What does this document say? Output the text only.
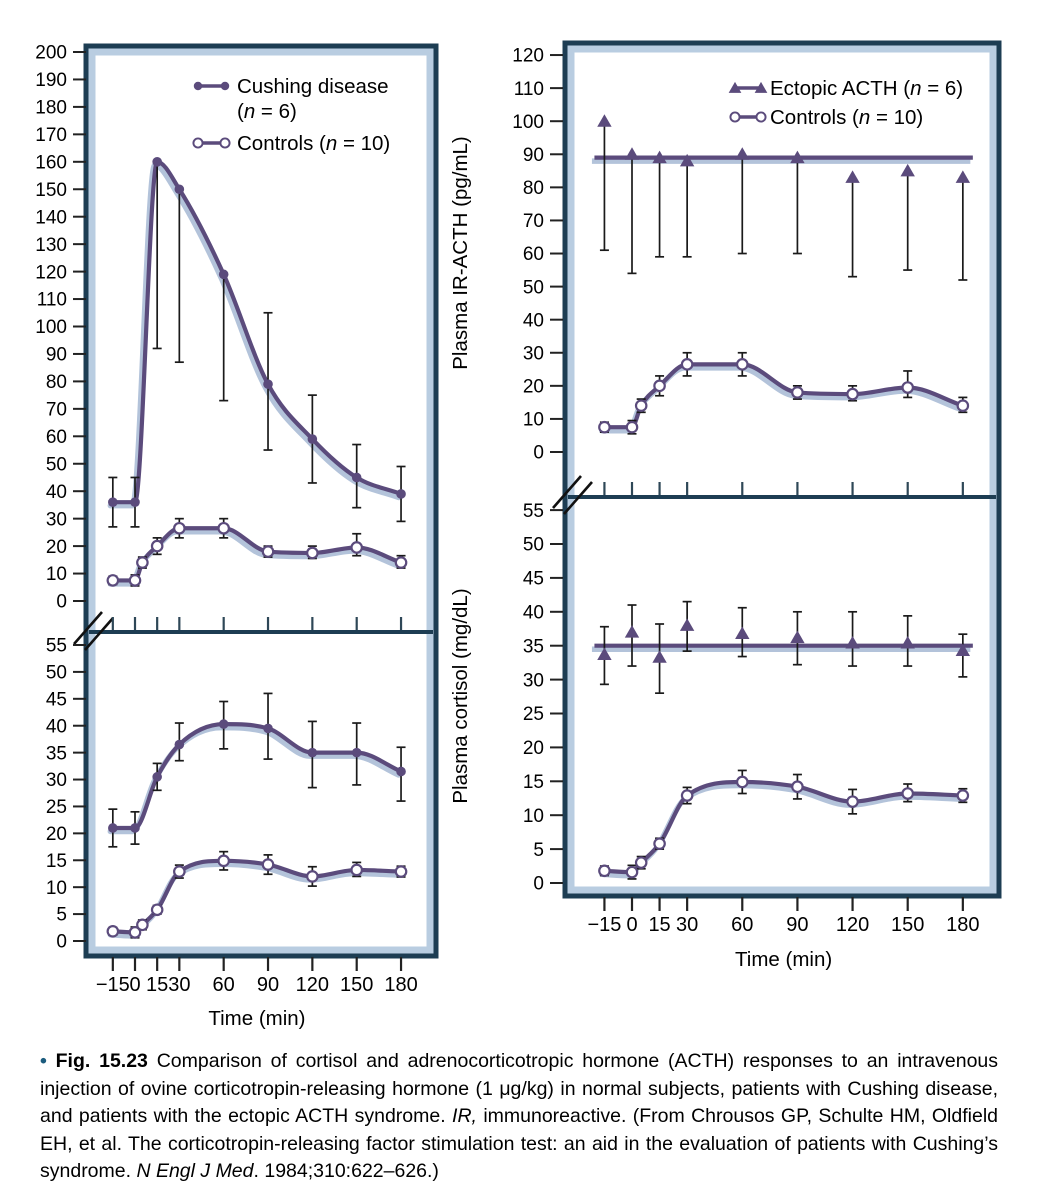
0
10
20
30
40
50
60
70
80
90
100
110
120
130
140
150
160
170
180
190
200
Cushing disease
(n = 6)
Controls (n = 10)
0
5
10
15
20
25
30
35
40
45
50
55
−15 0 15 30 60 90 120 150 180
Time (min)
0
10
20
30
40
50
60
70
80
90
100
110
120
Plasma IR-ACTH (pg/mL)
Ectopic ACTH (n = 6)
Controls (n = 10)
0
5
10
15
20
25
30
35
40
45
50
55
−15 0 15 30 60 90 120 150 180
Time (min)
Plasma cortisol (mg/dL)
• Fig. 15.23 Comparison of cortisol and adrenocorticotropic hormone (ACTH) responses to an intravenous injection of ovine corticotropin-releasing hormone (1 μg/kg) in normal subjects, patients with Cushing disease, and patients with the ectopic ACTH syndrome. IR, immunoreactive. (From Chrousos GP, Schulte HM, Oldfield EH, et al. The corticotropin-releasing factor stimulation test: an aid in the evaluation of patients with Cushing’s syndrome. N Engl J Med. 1984;310:622–626.)
